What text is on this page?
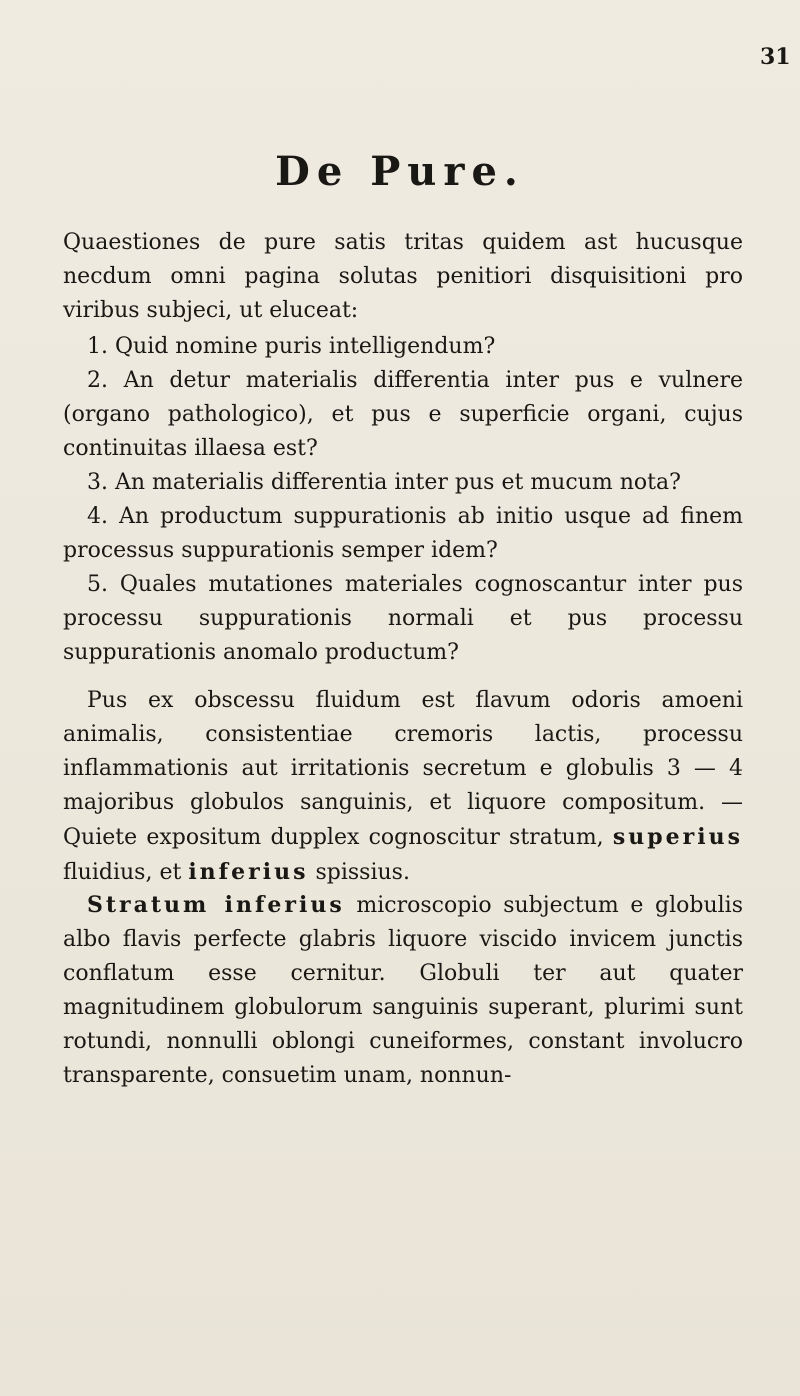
31
De Pure.

Quaestiones de pure satis tritas quidem ast hucusque necdum omni pagina solutas penitiori disquisitioni pro viribus subjeci, ut eluceat:

1. Quid nomine puris intelligendum?

2. An detur materialis differentia inter pus e vulnere (organo pathologico), et pus e superficie organi, cujus continuitas illaesa est?

3. An materialis differentia inter pus et mucum nota?

4. An productum suppurationis ab initio usque ad finem processus suppurationis semper idem?

5. Quales mutationes materiales cognoscantur inter pus processu suppurationis normali et pus processu suppurationis anomalo productum?

Pus ex obscessu fluidum est flavum odoris amoeni animalis, consistentiae cremoris lactis, processu inflammationis aut irritationis secretum e globulis 3 — 4 majoribus globulos sanguinis, et liquore compositum. — Quiete expositum dupplex cognoscitur stratum, superius fluidius, et inferius spissius.

Stratum inferius microscopio subjectum e globulis albo flavis perfecte glabris liquore viscido invicem junctis conflatum esse cernitur. Globuli ter aut quater magnitudinem globulorum sanguinis superant, plurimi sunt rotundi, nonnulli oblongi cuneiformes, constant involucro transparente, consuetim unam, nonnun-
